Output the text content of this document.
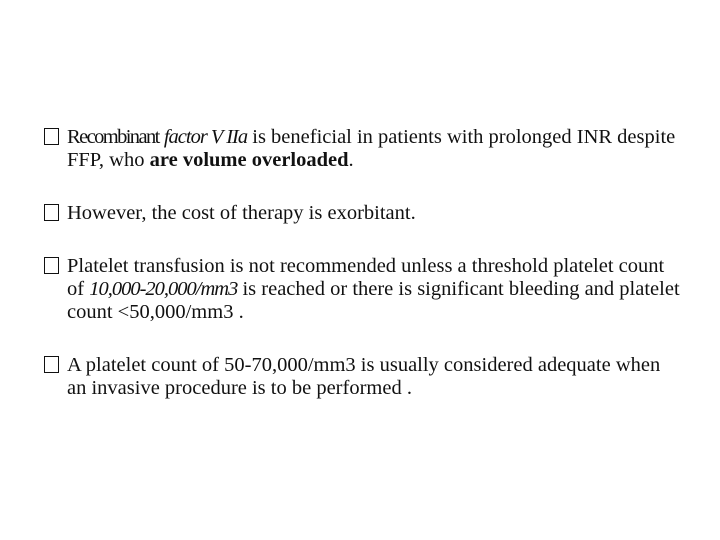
Recombinant factor V IIa is beneficial in patients with prolonged INR despite FFP, who are volume overloaded.
However, the cost of therapy is exorbitant.
Platelet transfusion is not recommended unless a threshold platelet count of 10,000-20,000/mm3 is reached or there is significant bleeding and platelet count <50,000/mm3 .
A platelet count of 50-70,000/mm3 is usually considered adequate when an invasive procedure is to be performed .
